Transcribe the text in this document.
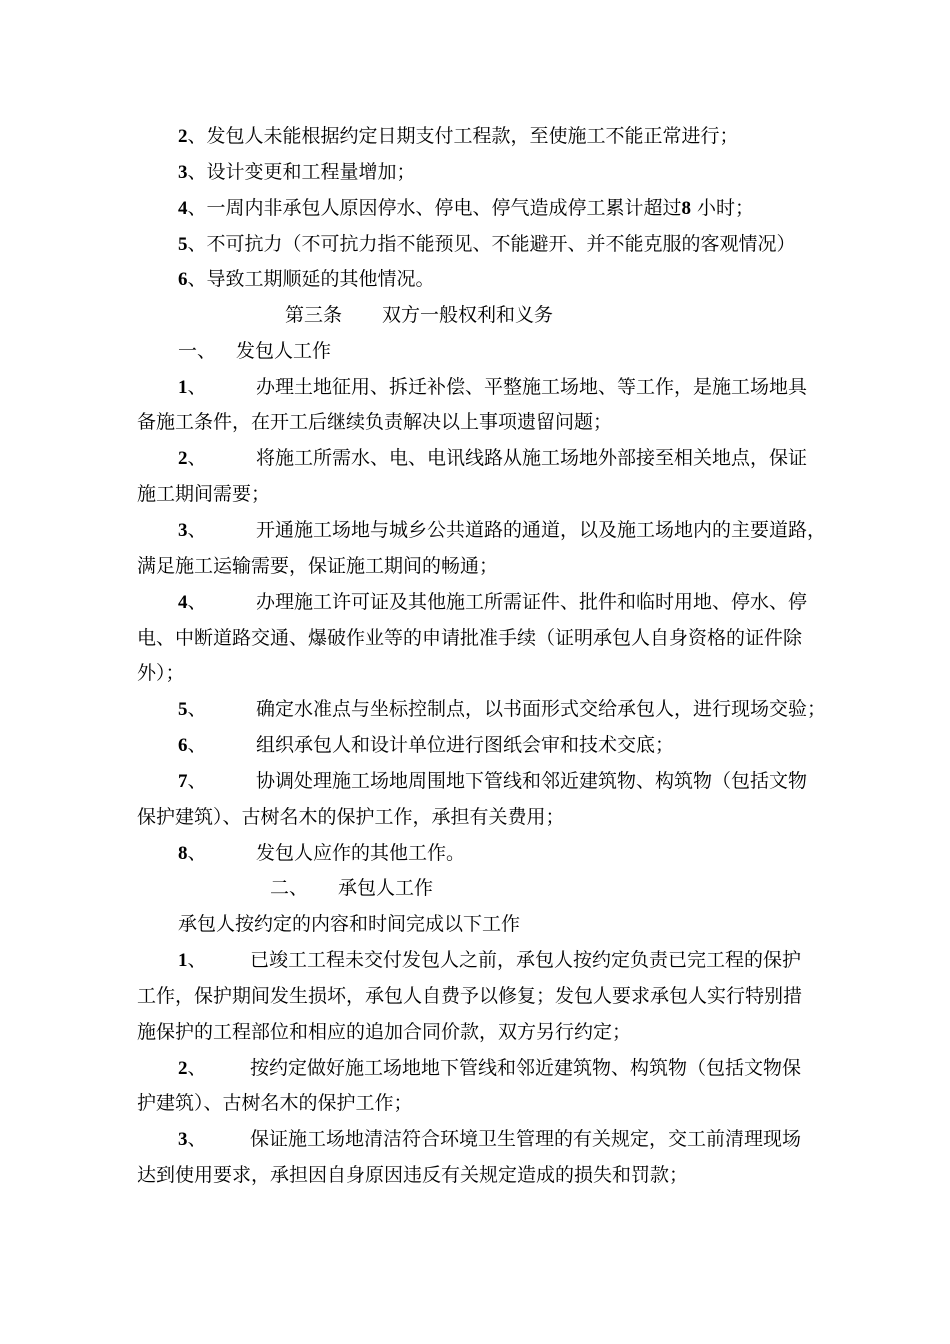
2、发包人未能根据约定日期支付工程款，至使施工不能正常进行；
3、设计变更和工程量增加；
4、一周内非承包人原因停水、停电、停气造成停工累计超过8 小时；
5、不可抗力（不可抗力指不能预见、不能避开、并不能克服的客观情况）
6、导致工期顺延的其他情况。
第三条 双方一般权利和义务
一、 发包人工作
1、	办理土地征用、拆迁补偿、平整施工场地、等工作，是施工场地具
备施工条件，在开工后继续负责解决以上事项遗留问题；
2、	将施工所需水、电、电讯线路从施工场地外部接至相关地点，保证
施工期间需要；
3、	开通施工场地与城乡公共道路的通道，以及施工场地内的主要道路，
满足施工运输需要，保证施工期间的畅通；
4、	办理施工许可证及其他施工所需证件、批件和临时用地、停水、停
电、中断道路交通、爆破作业等的申请批准手续（证明承包人自身资格的证件除
外）；
5、	确定水准点与坐标控制点，以书面形式交给承包人，进行现场交验；
6、	组织承包人和设计单位进行图纸会审和技术交底；
7、	协调处理施工场地周围地下管线和邻近建筑物、构筑物（包括文物
保护建筑）、古树名木的保护工作，承担有关费用；
8、	发包人应作的其他工作。
二、 承包人工作
承包人按约定的内容和时间完成以下工作
1、 已竣工工程未交付发包人之前，承包人按约定负责已完工程的保护
工作，保护期间发生损坏，承包人自费予以修复；发包人要求承包人实行特别措
施保护的工程部位和相应的追加合同价款，双方另行约定；
2、 按约定做好施工场地地下管线和邻近建筑物、构筑物（包括文物保
护建筑）、古树名木的保护工作；
3、 保证施工场地清洁符合环境卫生管理的有关规定，交工前清理现场
达到使用要求，承担因自身原因违反有关规定造成的损失和罚款；
